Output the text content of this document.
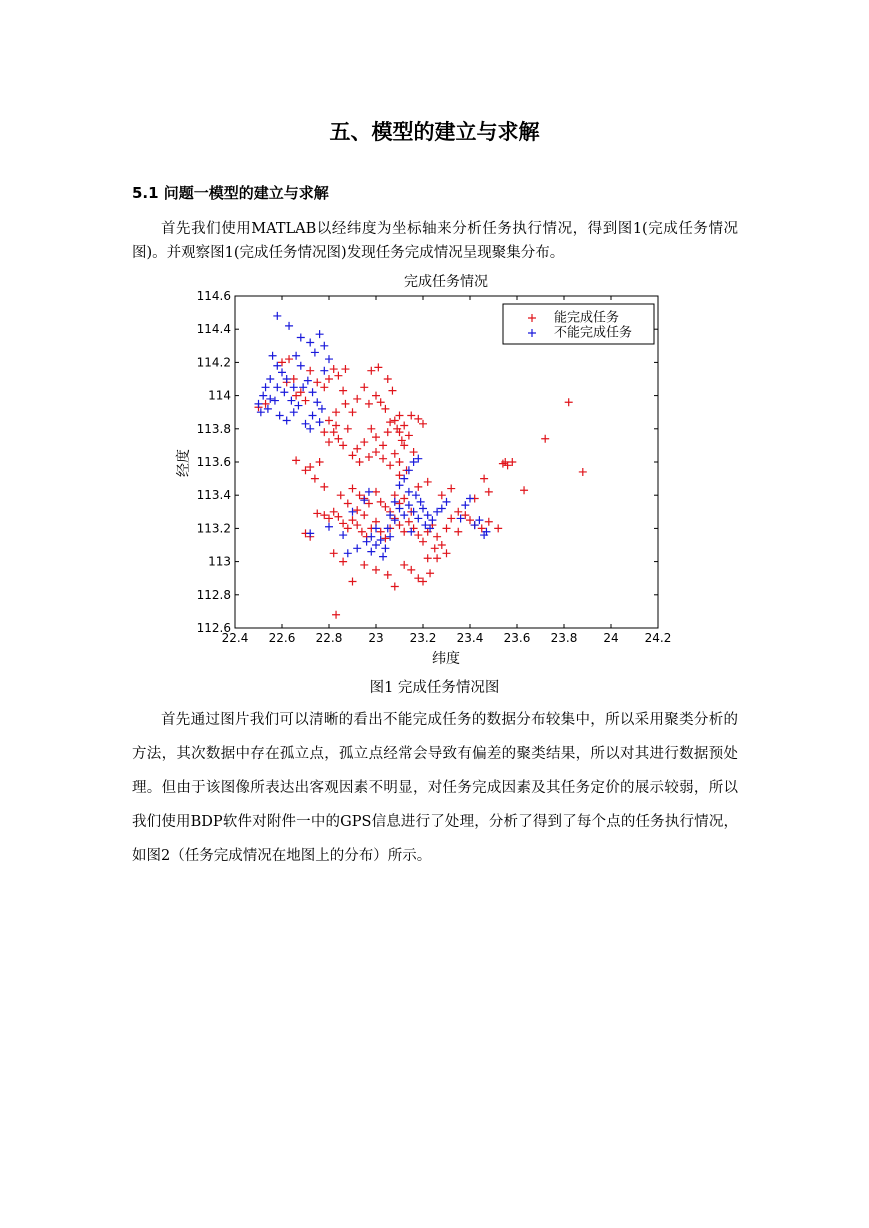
五、模型的建立与求解
5.1 问题一模型的建立与求解
首先我们使用MATLAB以经纬度为坐标轴来分析任务执行情况，得到图1(完成任务情况图)。并观察图1(完成任务情况图)发现任务完成情况呈现聚集分布。
完成任务情况
22.4 22.6 22.8 23 23.2 23.4 23.6 23.8 24 24.2
112.6
112.8
113
113.2
113.4
113.6
113.8
114
114.2
114.4
114.6
纬度
经度
能完成任务
不能完成任务
图1 完成任务情况图
首先通过图片我们可以清晰的看出不能完成任务的数据分布较集中，所以采用聚类分析的方法，其次数据中存在孤立点，孤立点经常会导致有偏差的聚类结果，所以对其进行数据预处理。但由于该图像所表达出客观因素不明显，对任务完成因素及其任务定价的展示较弱，所以我们使用BDP软件对附件一中的GPS信息进行了处理，分析了得到了每个点的任务执行情况，如图2（任务完成情况在地图上的分布）所示。
